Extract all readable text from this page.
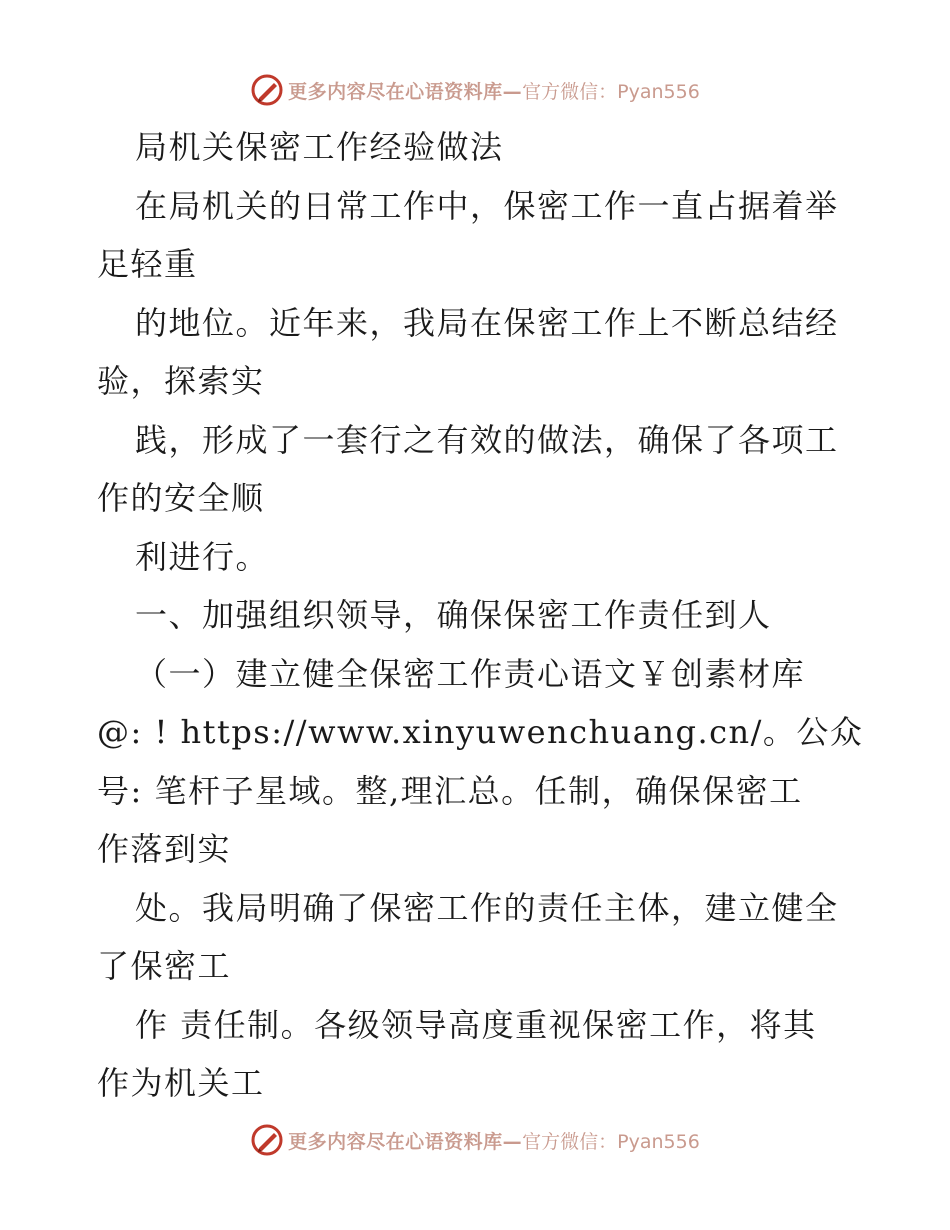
更多内容尽在心语资料库— 官方微信：Pyan556
局机关保密工作经验做法
在局机关的日常工作中，保密工作一直占据着举
足轻重
的地位。近年来，我局在保密工作上不断总结经
验，探索实
践，形成了一套行之有效的做法，确保了各项工
作的安全顺
利进行。
一、加强组织领导，确保保密工作责任到人
（一）建立健全保密工作责心语文￥创素材库
@: ! https://www.xinyuwenchuang.cn/。公众
号: 笔杆子星域。整,理汇总。任制，确保保密工
作落到实
处。我局明确了保密工作的责任主体，建立健全
了保密工
作 责任制。各级领导高度重视保密工作，将其
作为机关工
更多内容尽在心语资料库— 官方微信：Pyan556
